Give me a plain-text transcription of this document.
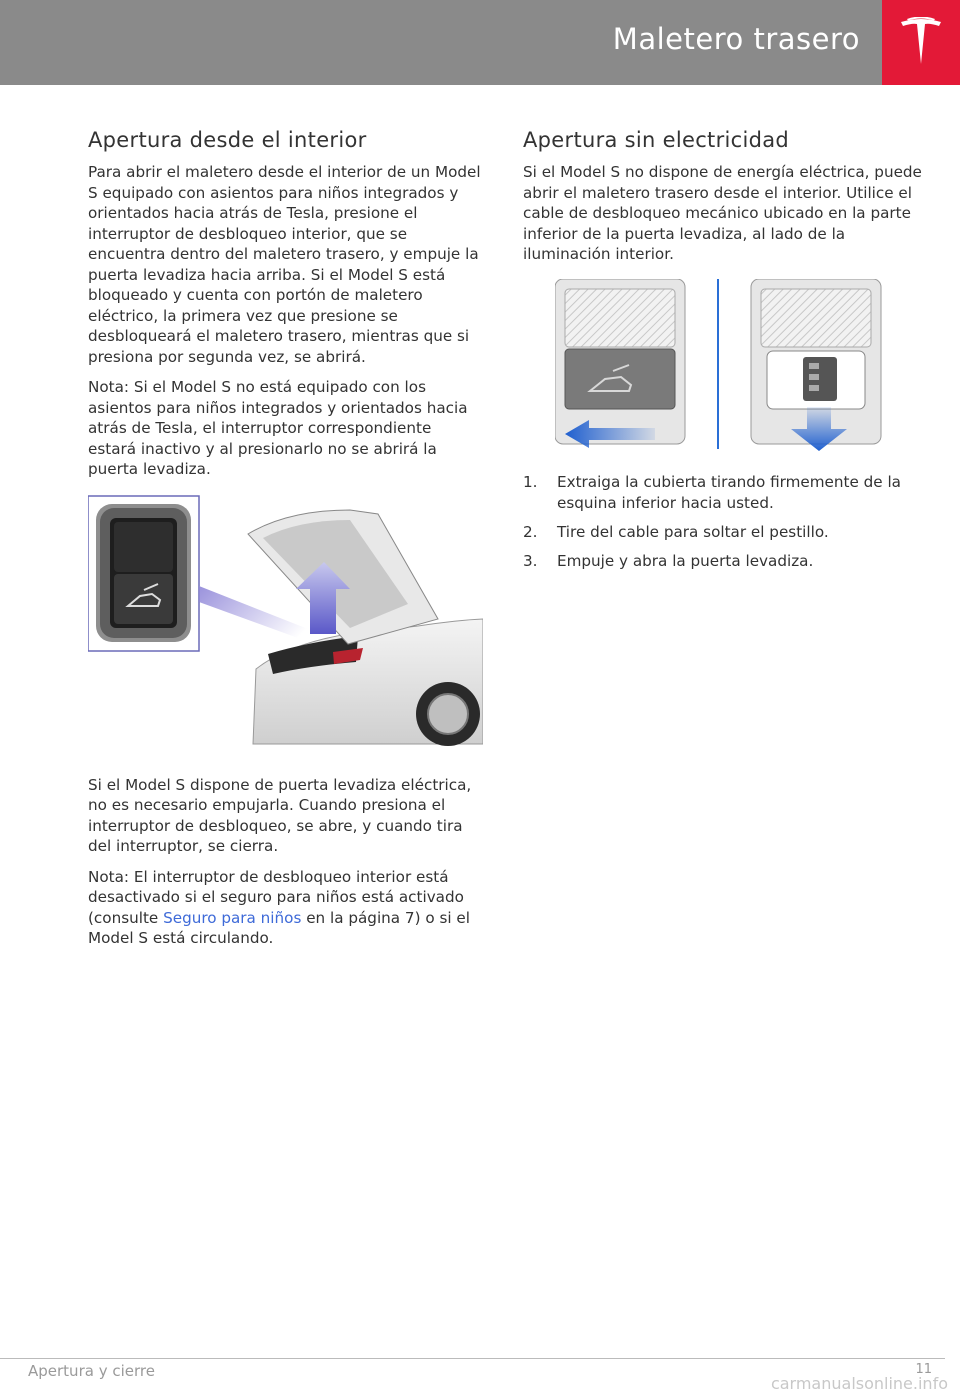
Maletero trasero
Apertura desde el interior

Para abrir el maletero desde el interior de un Model S equipado con asientos para niños integrados y orientados hacia atrás de Tesla, presione el interruptor de desbloqueo interior, que se encuentra dentro del maletero trasero, y empuje la puerta levadiza hacia arriba. Si el Model S está bloqueado y cuenta con portón de maletero eléctrico, la primera vez que presione se desbloqueará el maletero trasero, mientras que si presiona por segunda vez, se abrirá.

Nota: Si el Model S no está equipado con los asientos para niños integrados y orientados hacia atrás de Tesla, el interruptor correspondiente estará inactivo y al presionarlo no se abrirá la puerta levadiza.

Si el Model S dispone de puerta levadiza eléctrica, no es necesario empujarla. Cuando presiona el interruptor de desbloqueo, se abre, y cuando tira del interruptor, se cierra.

Nota: El interruptor de desbloqueo interior está desactivado si el seguro para niños está activado (consulte Seguro para niños en la página 7) o si el Model S está circulando.

Apertura sin electricidad

Si el Model S no dispone de energía eléctrica, puede abrir el maletero trasero desde el interior. Utilice el cable de desbloqueo mecánico ubicado en la parte inferior de la puerta levadiza, al lado de la iluminación interior.

1. Extraiga la cubierta tirando firmemente de la esquina inferior hacia usted.
2. Tire del cable para soltar el pestillo.
3. Empuje y abra la puerta levadiza.
Apertura y cierre	11
carmanualsonline.info
